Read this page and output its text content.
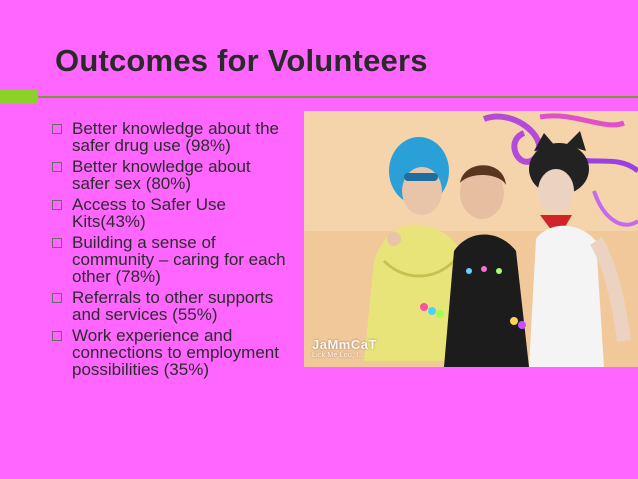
Outcomes for Volunteers
Better knowledge about the safer drug use (98%)
Better knowledge about safer sex (80%)
Access to Safer Use Kits(43%)
Building a sense of community – caring for each other (78%)
Referrals to other supports and services (55%)
Work experience and connections to employment possibilities (35%)
JaMmCaT
Lick Me Lou, I...
